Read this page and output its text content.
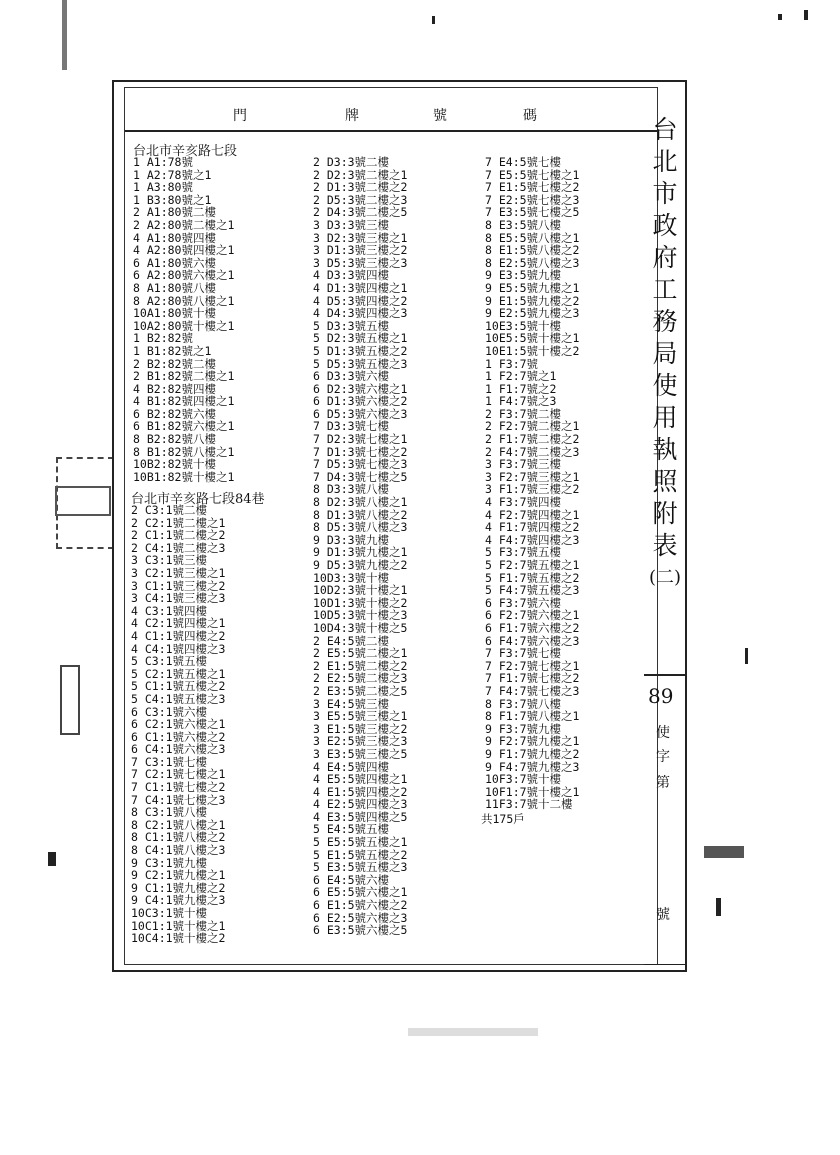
門	牌	號	碼
台北市辛亥路七段
1 A1:78號
1 A2:78號之1
1 A3:80號
1 B3:80號之1
2 A1:80號二樓
2 A2:80號二樓之1
4 A1:80號四樓
4 A2:80號四樓之1
6 A1:80號六樓
6 A2:80號六樓之1
8 A1:80號八樓
8 A2:80號八樓之1
10A1:80號十樓
10A2:80號十樓之1
1 B2:82號
1 B1:82號之1
2 B2:82號二樓
2 B1:82號二樓之1
4 B2:82號四樓
4 B1:82號四樓之1
6 B2:82號六樓
6 B1:82號六樓之1
8 B2:82號八樓
8 B1:82號八樓之1
10B2:82號十樓
10B1:82號十樓之1
台北市辛亥路七段84巷
2 C3:1號二樓
2 C2:1號二樓之1
2 C1:1號二樓之2
2 C4:1號二樓之3
3 C3:1號三樓
3 C2:1號三樓之1
3 C1:1號三樓之2
3 C4:1號三樓之3
4 C3:1號四樓
4 C2:1號四樓之1
4 C1:1號四樓之2
4 C4:1號四樓之3
5 C3:1號五樓
5 C2:1號五樓之1
5 C1:1號五樓之2
5 C4:1號五樓之3
6 C3:1號六樓
6 C2:1號六樓之1
6 C1:1號六樓之2
6 C4:1號六樓之3
7 C3:1號七樓
7 C2:1號七樓之1
7 C1:1號七樓之2
7 C4:1號七樓之3
8 C3:1號八樓
8 C2:1號八樓之1
8 C1:1號八樓之2
8 C4:1號八樓之3
9 C3:1號九樓
9 C2:1號九樓之1
9 C1:1號九樓之2
9 C4:1號九樓之3
10C3:1號十樓
10C1:1號十樓之1
10C4:1號十樓之2
2 D3:3號二樓
2 D2:3號二樓之1
2 D1:3號二樓之2
2 D5:3號二樓之3
2 D4:3號二樓之5
3 D3:3號三樓
3 D2:3號三樓之1
3 D1:3號三樓之2
3 D5:3號三樓之3
4 D3:3號四樓
4 D1:3號四樓之1
4 D5:3號四樓之2
4 D4:3號四樓之3
5 D3:3號五樓
5 D2:3號五樓之1
5 D1:3號五樓之2
5 D5:3號五樓之3
6 D3:3號六樓
6 D2:3號六樓之1
6 D1:3號六樓之2
6 D5:3號六樓之3
7 D3:3號七樓
7 D2:3號七樓之1
7 D1:3號七樓之2
7 D5:3號七樓之3
7 D4:3號七樓之5
8 D3:3號八樓
8 D2:3號八樓之1
8 D1:3號八樓之2
8 D5:3號八樓之3
9 D3:3號九樓
9 D1:3號九樓之1
9 D5:3號九樓之2
10D3:3號十樓
10D2:3號十樓之1
10D1:3號十樓之2
10D5:3號十樓之3
10D4:3號十樓之5
2 E4:5號二樓
2 E5:5號二樓之1
2 E1:5號二樓之2
2 E2:5號二樓之3
2 E3:5號二樓之5
3 E4:5號三樓
3 E5:5號三樓之1
3 E1:5號三樓之2
3 E2:5號三樓之3
3 E3:5號三樓之5
4 E4:5號四樓
4 E5:5號四樓之1
4 E1:5號四樓之2
4 E2:5號四樓之3
4 E3:5號四樓之5
5 E4:5號五樓
5 E5:5號五樓之1
5 E1:5號五樓之2
5 E3:5號五樓之3
6 E4:5號六樓
6 E5:5號六樓之1
6 E1:5號六樓之2
6 E2:5號六樓之3
6 E3:5號六樓之5
7 E4:5號七樓
7 E5:5號七樓之1
7 E1:5號七樓之2
7 E2:5號七樓之3
7 E3:5號七樓之5
8 E3:5號八樓
8 E5:5號八樓之1
8 E1:5號八樓之2
8 E2:5號八樓之3
9 E3:5號九樓
9 E5:5號九樓之1
9 E1:5號九樓之2
9 E2:5號九樓之3
10E3:5號十樓
10E5:5號十樓之1
10E1:5號十樓之2
1 F3:7號
1 F2:7號之1
1 F1:7號之2
1 F4:7號之3
2 F3:7號二樓
2 F2:7號二樓之1
2 F1:7號二樓之2
2 F4:7號二樓之3
3 F3:7號三樓
3 F2:7號三樓之1
3 F1:7號三樓之2
4 F3:7號四樓
4 F2:7號四樓之1
4 F1:7號四樓之2
4 F4:7號四樓之3
5 F3:7號五樓
5 F2:7號五樓之1
5 F1:7號五樓之2
5 F4:7號五樓之3
6 F3:7號六樓
6 F2:7號六樓之1
6 F1:7號六樓之2
6 F4:7號六樓之3
7 F3:7號七樓
7 F2:7號七樓之1
7 F1:7號七樓之2
7 F4:7號七樓之3
8 F3:7號八樓
8 F1:7號八樓之1
9 F3:7號九樓
9 F2:7號九樓之1
9 F1:7號九樓之2
9 F4:7號九樓之3
10F3:7號十樓
10F1:7號十樓之1
11F3:7號十二樓
共175戶
台
北
市
政
府
工
務
局
使
用
執
照
附
表
(二)
89
使
字
第
號
